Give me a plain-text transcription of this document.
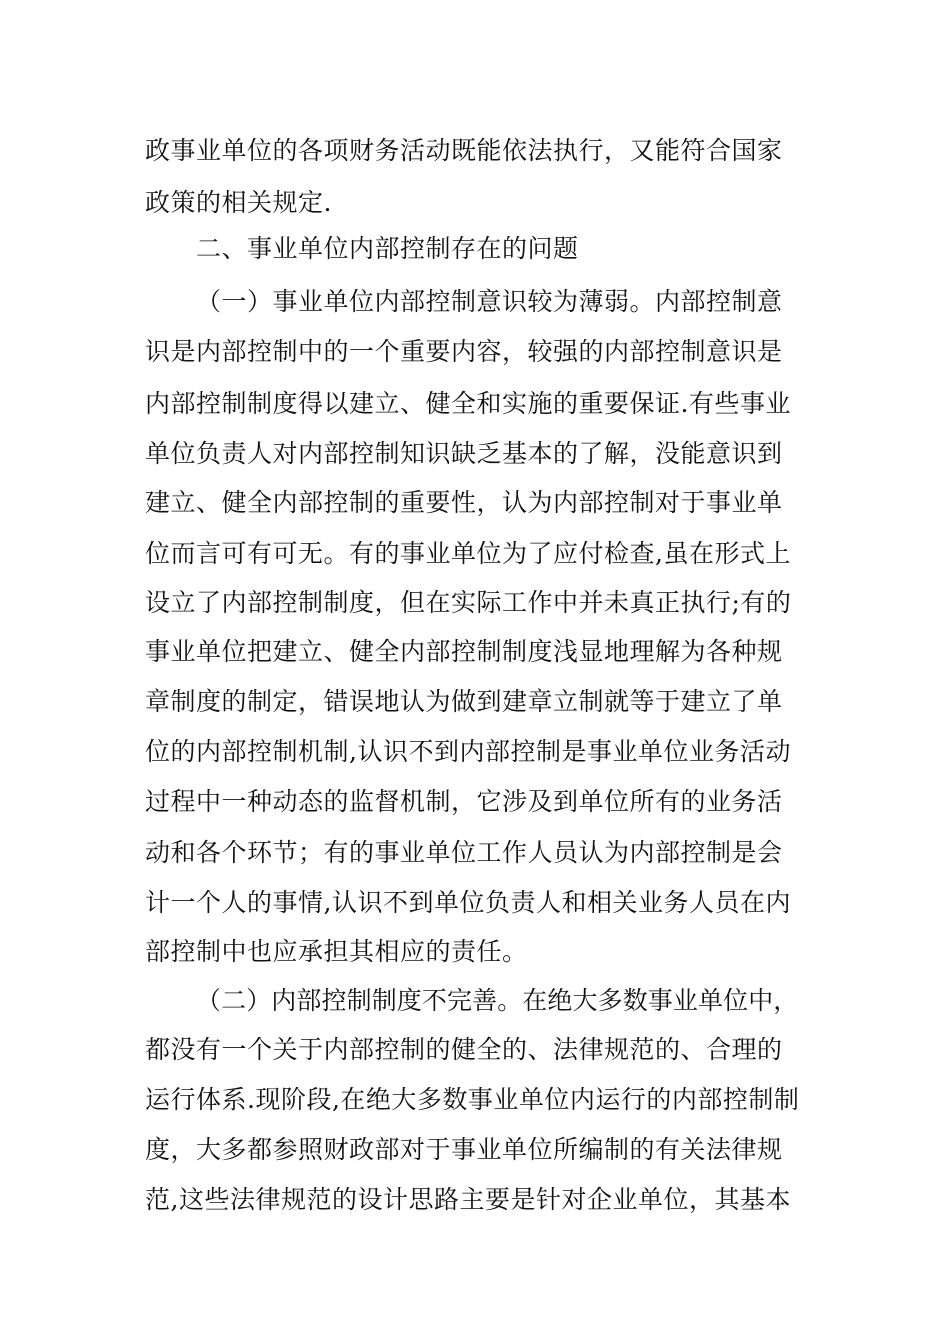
政事业单位的各项财务活动既能依法执行，又能符合国家

政策的相关规定.

二、事业单位内部控制存在的问题

（一）事业单位内部控制意识较为薄弱。内部控制意

识是内部控制中的一个重要内容，较强的内部控制意识是

内部控制制度得以建立、健全和实施的重要保证.有些事业

单位负责人对内部控制知识缺乏基本的了解，没能意识到

建立、健全内部控制的重要性，认为内部控制对于事业单

位而言可有可无。有的事业单位为了应付检查,虽在形式上

设立了内部控制制度，但在实际工作中并未真正执行;有的

事业单位把建立、健全内部控制制度浅显地理解为各种规

章制度的制定，错误地认为做到建章立制就等于建立了单

位的内部控制机制,认识不到内部控制是事业单位业务活动

过程中一种动态的监督机制，它涉及到单位所有的业务活

动和各个环节；有的事业单位工作人员认为内部控制是会

计一个人的事情,认识不到单位负责人和相关业务人员在内

部控制中也应承担其相应的责任。

（二）内部控制制度不完善。在绝大多数事业单位中，

都没有一个关于内部控制的健全的、法律规范的、合理的

运行体系.现阶段,在绝大多数事业单位内运行的内部控制制

度，大多都参照财政部对于事业单位所编制的有关法律规

范,这些法律规范的设计思路主要是针对企业单位，其基本
